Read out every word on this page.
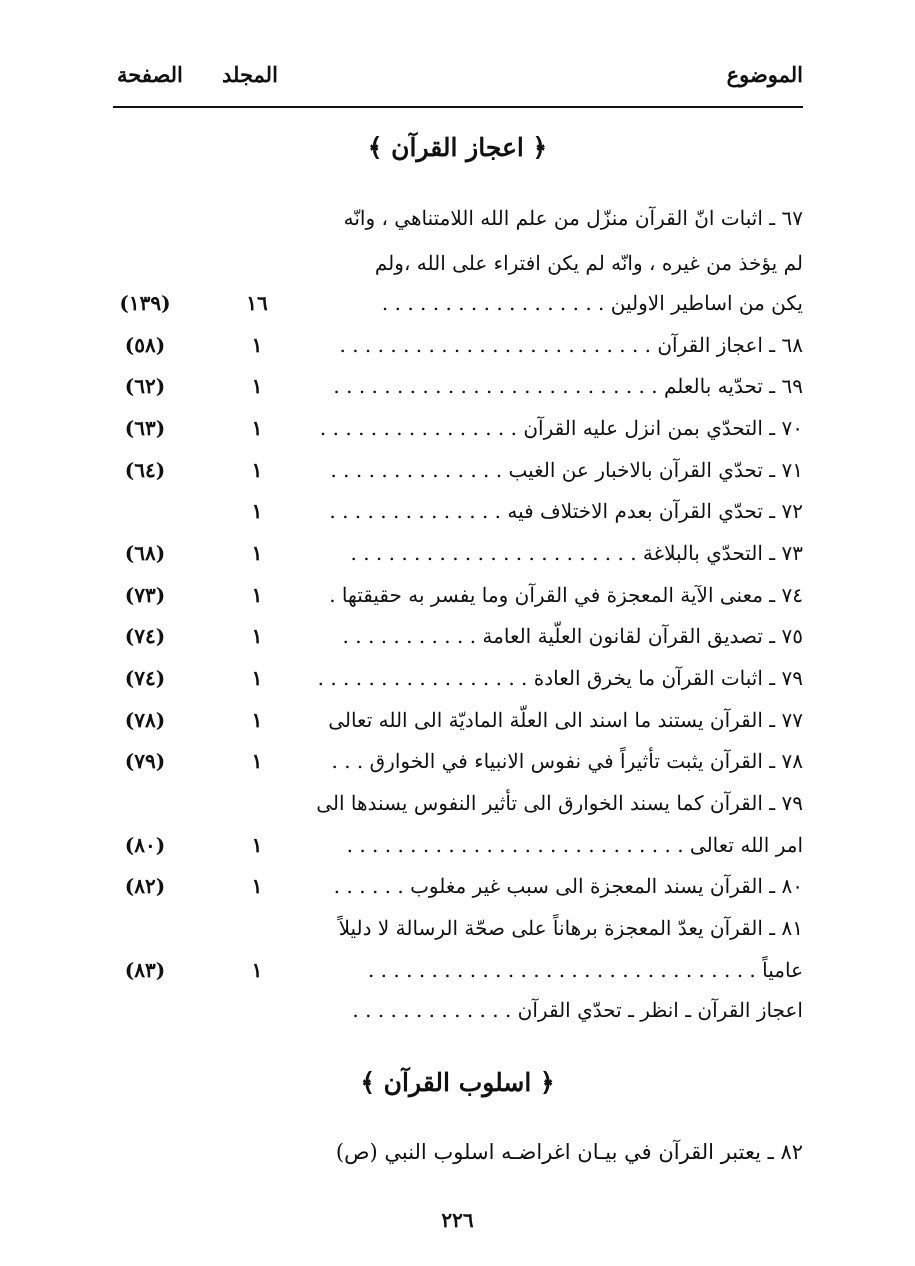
الموضوع
المجلد
الصفحة
﴿ اعجاز القرآن ﴾
٦٧ ـ اثبات انّ القرآن منزّل من علم الله اللامتناهي ، وانّه
لم يؤخذ من غيره ، وانّه لم يكن افتراء على الله ،ولم
يكن من اساطير الاولين . . . . . . . . . . . . . . . . . .
١٦
(١٣٩)
٦٨ ـ اعجاز القرآن . . . . . . . . . . . . . . . . . . . . . . . . .
١
(٥٨)
٦٩ ـ تحدّيه بالعلم . . . . . . . . . . . . . . . . . . . . . . . . . .
١
(٦٢)
٧٠ ـ التحدّي بمن انزل عليه القرآن . . . . . . . . . . . . . . . .
١
(٦٣)
٧١ ـ تحدّي القرآن بالاخبار عن الغيب . . . . . . . . . . . . . .
١
(٦٤)
٧٢ ـ تحدّي القرآن بعدم الاختلاف فيه . . . . . . . . . . . . . .
١
٧٣ ـ التحدّي بالبلاغة . . . . . . . . . . . . . . . . . . . . . . .
١
(٦٨)
٧٤ ـ معنى الآية المعجزة في القرآن وما يفسر به حقيقتها .
١
(٧٣)
٧٥ ـ تصديق القرآن لقانون العلّية العامة . . . . . . . . . . .
١
(٧٤)
٧٩ ـ اثبات القرآن ما يخرق العادة . . . . . . . . . . . . . . . . .
١
(٧٤)
٧٧ ـ القرآن يستند ما اسند الى العلّة الماديّة الى الله تعالى
١
(٧٨)
٧٨ ـ القرآن يثبت تأثيراً في نفوس الانبياء في الخوارق . . .
١
(٧٩)
٧٩ ـ القرآن كما يسند الخوارق الى تأثير النفوس يسندها الى
امر الله تعالى . . . . . . . . . . . . . . . . . . . . . . . . . . .
١
(٨٠)
٨٠ ـ القرآن يسند المعجزة الى سبب غير مغلوب . . . . . .
١
(٨٢)
٨١ ـ القرآن يعدّ المعجزة برهاناً على صحّة الرسالة لا دليلاً
عامياً . . . . . . . . . . . . . . . . . . . . . . . . . . . . . . .
١
(٨٣)
اعجاز القرآن ـ انظر ـ تحدّي القرآن . . . . . . . . . . . . .
﴿ اسلوب القرآن ﴾
٨٢ ـ يعتبر القرآن في بيـان اغراضـه اسلوب النبي (ص)
٢٢٦
